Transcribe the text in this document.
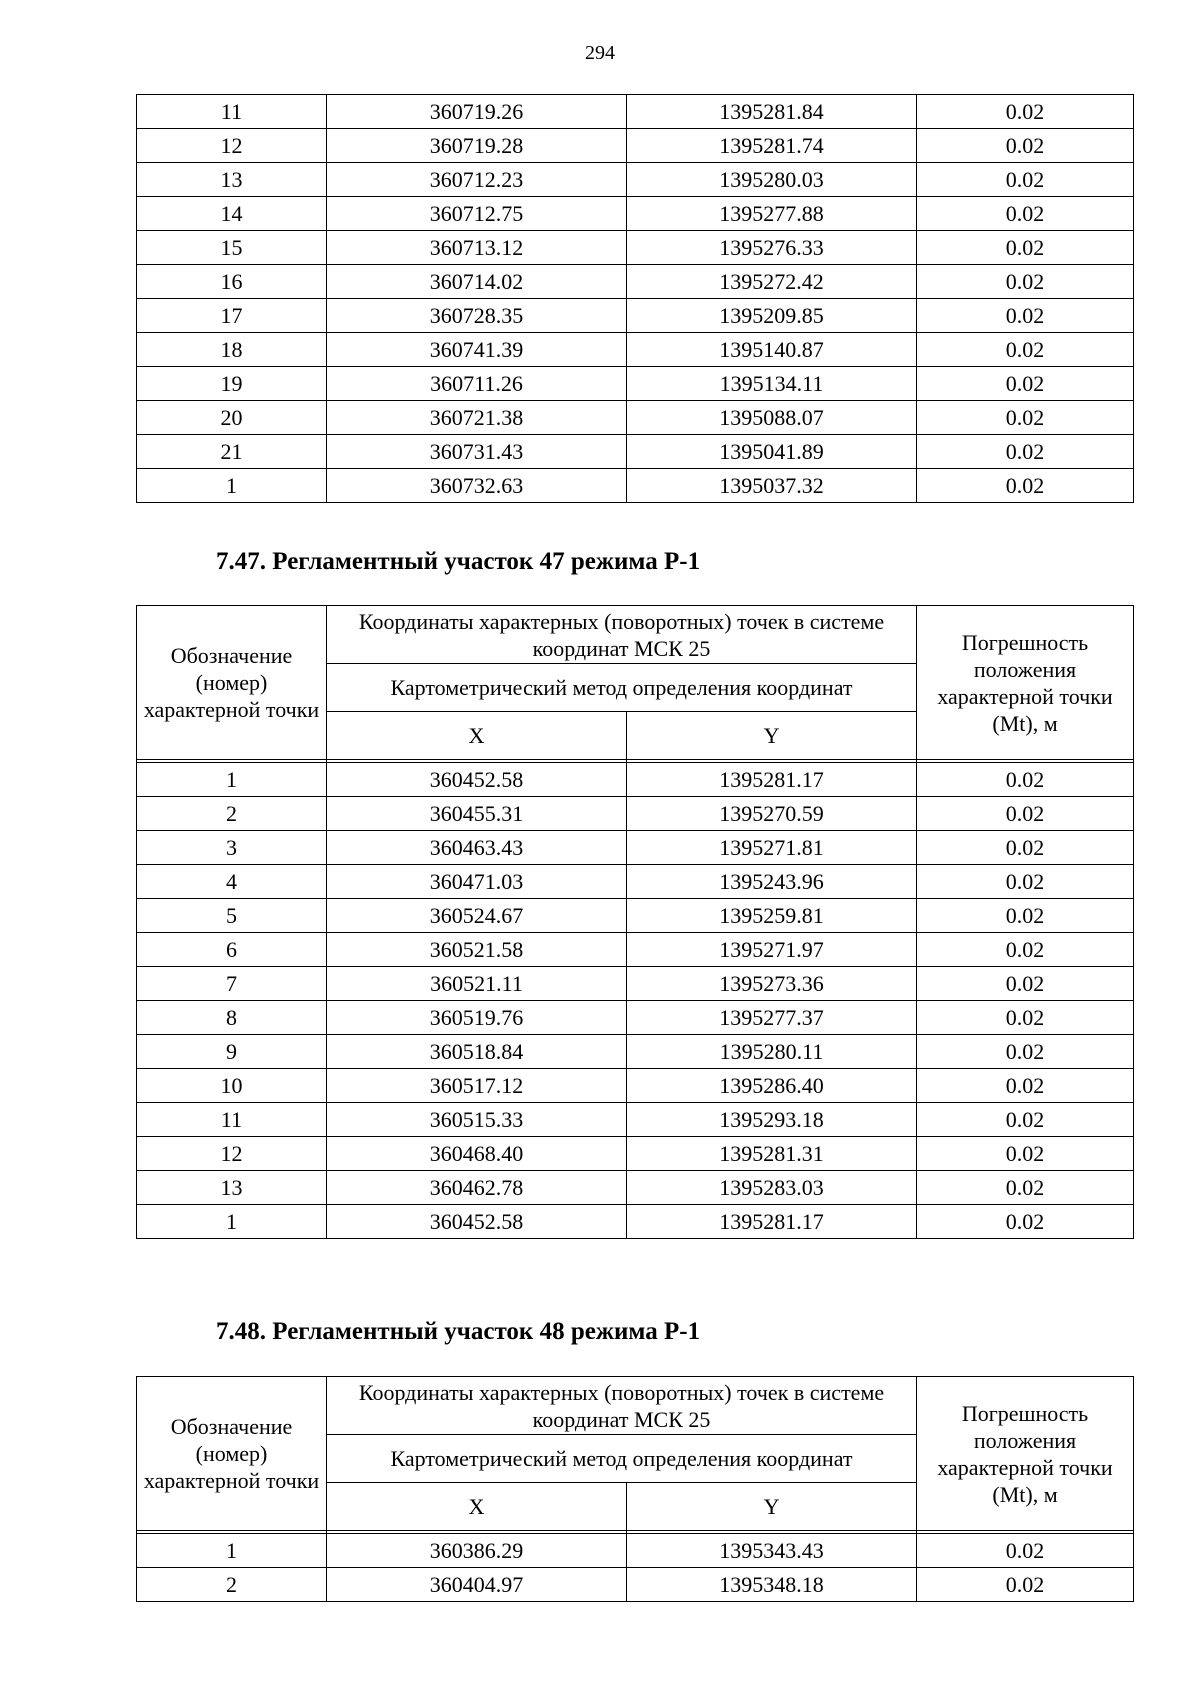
294
11	360719.26	1395281.84	0.02
12	360719.28	1395281.74	0.02
13	360712.23	1395280.03	0.02
14	360712.75	1395277.88	0.02
15	360713.12	1395276.33	0.02
16	360714.02	1395272.42	0.02
17	360728.35	1395209.85	0.02
18	360741.39	1395140.87	0.02
19	360711.26	1395134.11	0.02
20	360721.38	1395088.07	0.02
21	360731.43	1395041.89	0.02
1	360732.63	1395037.32	0.02
7.47. Регламентный участок 47 режима Р-1
Обозначение (номер) характерной точки	Координаты характерных (поворотных) точек в системе координат МСК 25		Погрешность положения характерной точки (Mt), м
	Картометрический метод определения координат		
	X	Y	

1	360452.58	1395281.17	0.02
2	360455.31	1395270.59	0.02
3	360463.43	1395271.81	0.02
4	360471.03	1395243.96	0.02
5	360524.67	1395259.81	0.02
6	360521.58	1395271.97	0.02
7	360521.11	1395273.36	0.02
8	360519.76	1395277.37	0.02
9	360518.84	1395280.11	0.02
10	360517.12	1395286.40	0.02
11	360515.33	1395293.18	0.02
12	360468.40	1395281.31	0.02
13	360462.78	1395283.03	0.02
1	360452.58	1395281.17	0.02
7.48. Регламентный участок 48 режима Р-1
Обозначение (номер) характерной точки	Координаты характерных (поворотных) точек в системе координат МСК 25		Погрешность положения характерной точки (Mt), м
	Картометрический метод определения координат		
	X	Y	

1	360386.29	1395343.43	0.02
2	360404.97	1395348.18	0.02
